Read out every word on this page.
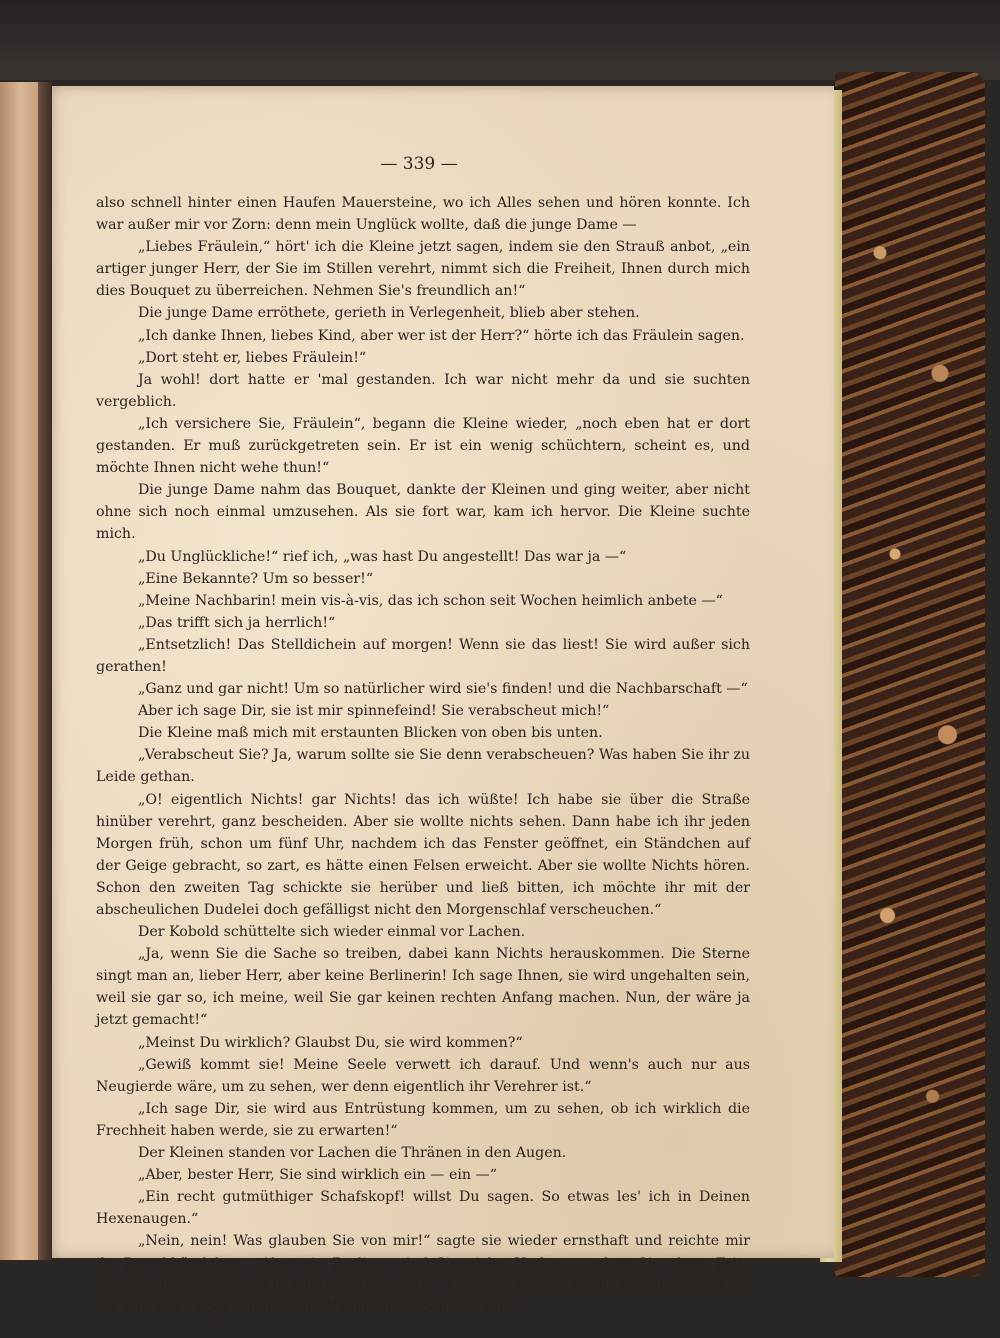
— 339 —

also schnell hinter einen Haufen Mauersteine, wo ich Alles sehen und hören konnte. Ich war außer mir vor Zorn: denn mein Unglück wollte, daß die junge Dame —

„Liebes Fräulein,“ hört' ich die Kleine jetzt sagen, indem sie den Strauß anbot, „ein artiger junger Herr, der Sie im Stillen verehrt, nimmt sich die Freiheit, Ihnen durch mich dies Bouquet zu überreichen. Nehmen Sie's freundlich an!“

Die junge Dame erröthete, gerieth in Verlegenheit, blieb aber stehen.

„Ich danke Ihnen, liebes Kind, aber wer ist der Herr?“ hörte ich das Fräulein sagen.

„Dort steht er, liebes Fräulein!“

Ja wohl! dort hatte er 'mal gestanden. Ich war nicht mehr da und sie suchten vergeblich.

„Ich versichere Sie, Fräulein“, begann die Kleine wieder, „noch eben hat er dort gestanden. Er muß zurückgetreten sein. Er ist ein wenig schüchtern, scheint es, und möchte Ihnen nicht wehe thun!“

Die junge Dame nahm das Bouquet, dankte der Kleinen und ging weiter, aber nicht ohne sich noch einmal umzusehen. Als sie fort war, kam ich hervor. Die Kleine suchte mich.

„Du Unglückliche!“ rief ich, „was hast Du angestellt! Das war ja —“

„Eine Bekannte? Um so besser!“

„Meine Nachbarin! mein vis-à-vis, das ich schon seit Wochen heimlich anbete —“

„Das trifft sich ja herrlich!“

„Entsetzlich! Das Stelldichein auf morgen! Wenn sie das liest! Sie wird außer sich gerathen!

„Ganz und gar nicht! Um so natürlicher wird sie's finden! und die Nachbarschaft —“

Aber ich sage Dir, sie ist mir spinnefeind! Sie verabscheut mich!“

Die Kleine maß mich mit erstaunten Blicken von oben bis unten.

„Verabscheut Sie? Ja, warum sollte sie Sie denn verabscheuen? Was haben Sie ihr zu Leide gethan.

„O! eigentlich Nichts! gar Nichts! das ich wüßte! Ich habe sie über die Straße hinüber verehrt, ganz bescheiden. Aber sie wollte nichts sehen. Dann habe ich ihr jeden Morgen früh, schon um fünf Uhr, nachdem ich das Fenster geöffnet, ein Ständchen auf der Geige gebracht, so zart, es hätte einen Felsen erweicht. Aber sie wollte Nichts hören. Schon den zweiten Tag schickte sie herüber und ließ bitten, ich möchte ihr mit der abscheulichen Dudelei doch gefälligst nicht den Morgenschlaf verscheuchen.“

Der Kobold schüttelte sich wieder einmal vor Lachen.

„Ja, wenn Sie die Sache so treiben, dabei kann Nichts herauskommen. Die Sterne singt man an, lieber Herr, aber keine Berlinerin! Ich sage Ihnen, sie wird ungehalten sein, weil sie gar so, ich meine, weil Sie gar keinen rechten Anfang machen. Nun, der wäre ja jetzt gemacht!“

„Meinst Du wirklich? Glaubst Du, sie wird kommen?“

„Gewiß kommt sie! Meine Seele verwett ich darauf. Und wenn's auch nur aus Neugierde wäre, um zu sehen, wer denn eigentlich ihr Verehrer ist.“

„Ich sage Dir, sie wird aus Entrüstung kommen, um zu sehen, ob ich wirklich die Frechheit haben werde, sie zu erwarten!“

Der Kleinen standen vor Lachen die Thränen in den Augen.

„Aber, bester Herr, Sie sind wirklich ein — ein —“

„Ein recht gutmüthiger Schafskopf! willst Du sagen. So etwas les' ich in Deinen Hexenaugen.“

„Nein, nein! Was glauben Sie von mir!“ sagte sie wieder ernsthaft und reichte mir ihr Patschhändchen. „Aber ein Berliner sind Sie nicht. Und nun gehen Sie, denn Fritz kommt gleich und möchte eifersüchtig werden. Kommen Sie gut nach Haus und erzählen Sie mir, wie's abgelaufen! Gute Nacht und schönen Dank!“
